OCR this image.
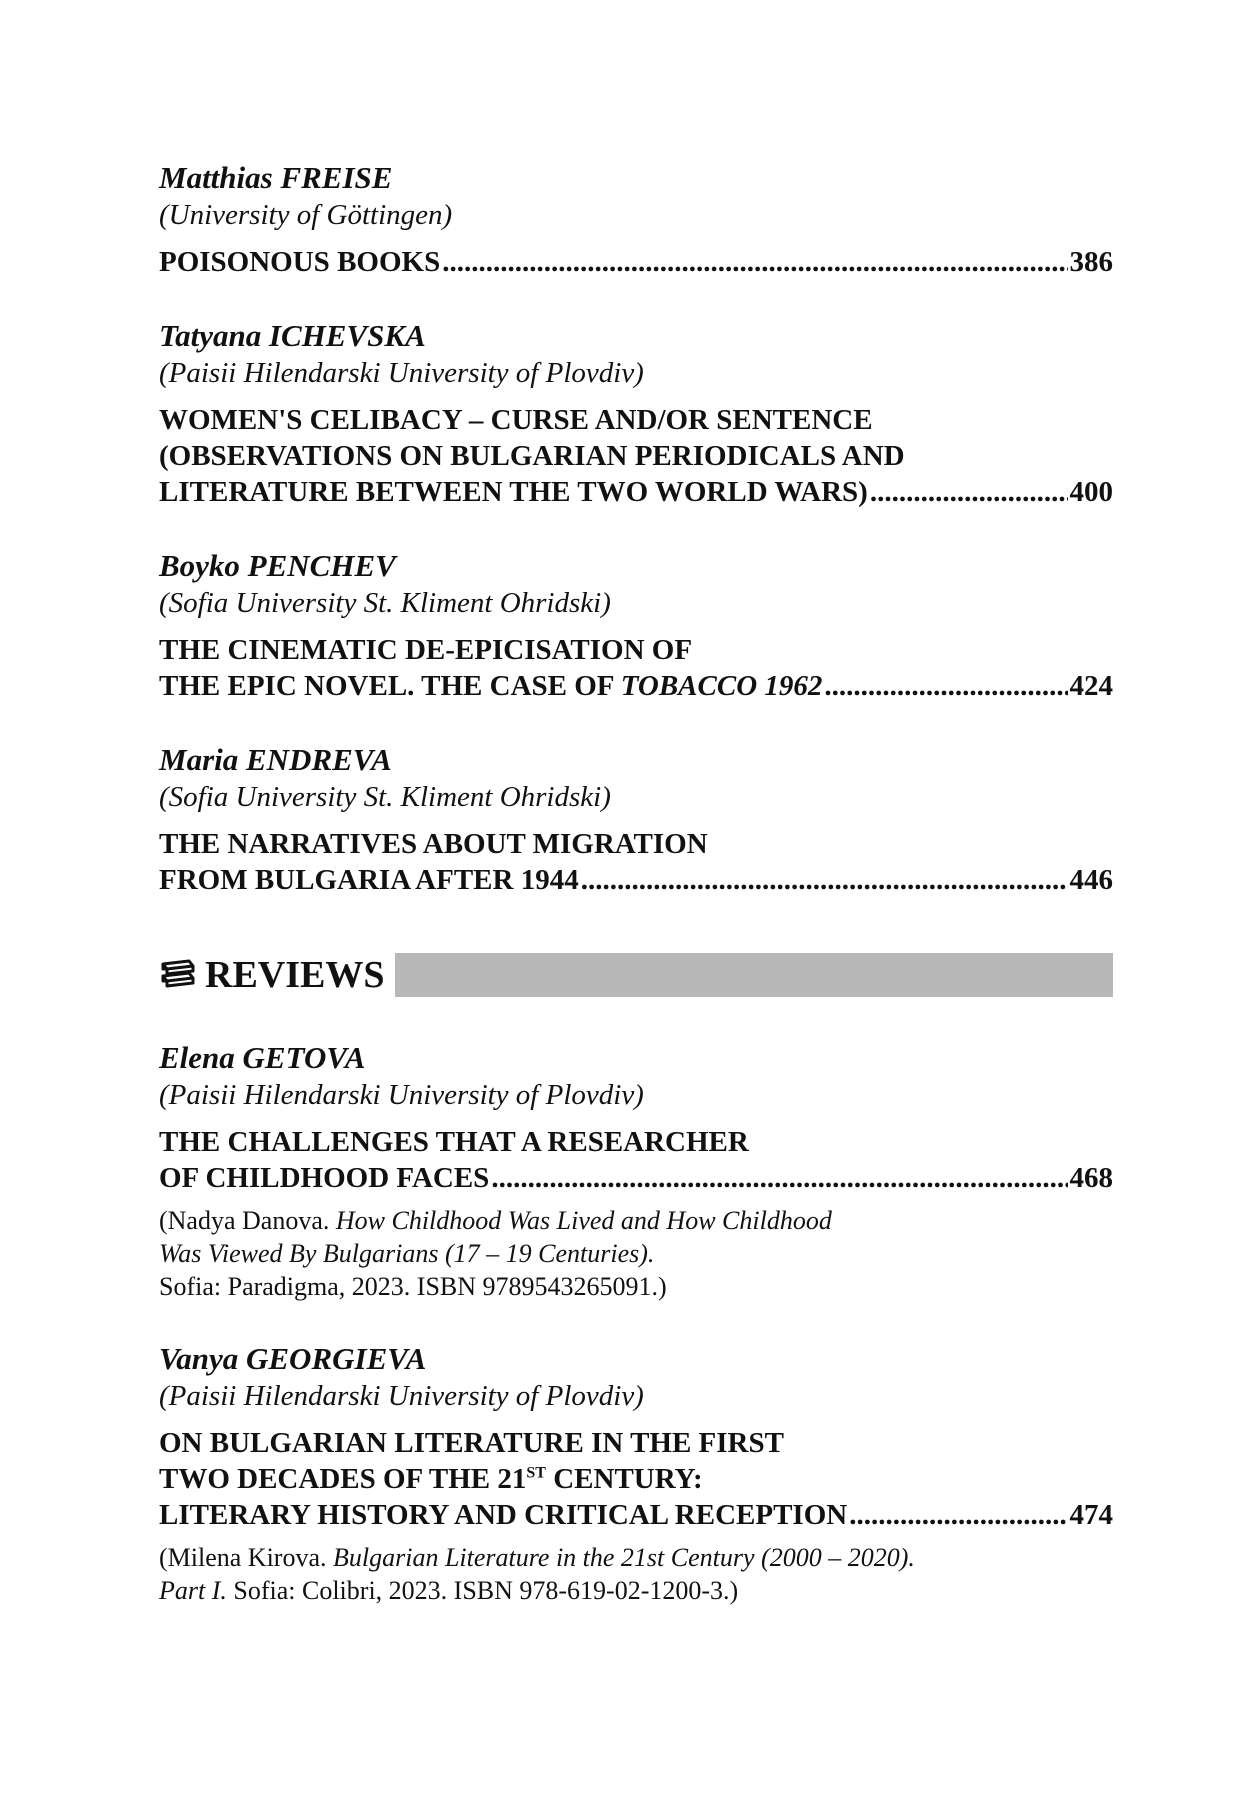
Matthias FREISE

(University of Göttingen)

POISONOUS BOOKS .....	386

Tatyana ICHEVSKA

(Paisii Hilendarski University of Plovdiv)

WOMEN'S CELIBACY – CURSE AND/OR SENTENCE

(OBSERVATIONS ON BULGARIAN PERIODICALS AND

LITERATURE BETWEEN THE TWO WORLD WARS) .....	400

Boyko PENCHEV

(Sofia University St. Kliment Ohridski)

THE CINEMATIC DE-EPICISATION OF

THE EPIC NOVEL. THE CASE OF TOBACCO 1962 .....	424

Maria ENDREVA

(Sofia University St. Kliment Ohridski)

THE NARRATIVES ABOUT MIGRATION

FROM BULGARIA AFTER 1944 .....	446
REVIEWS

Elena GETOVA

(Paisii Hilendarski University of Plovdiv)

THE CHALLENGES THAT A RESEARCHER

OF CHILDHOOD FACES .....	468
(Nadya Danova. How Childhood Was Lived and How Childhood
Was Viewed By Bulgarians (17 – 19 Centuries).
Sofia: Paradigma, 2023. ISBN 9789543265091.)

Vanya GEORGIEVA

(Paisii Hilendarski University of Plovdiv)

ON BULGARIAN LITERATURE IN THE FIRST

TWO DECADES OF THE 21ST CENTURY:

LITERARY HISTORY AND CRITICAL RECEPTION .....	474
(Milena Kirova. Bulgarian Literature in the 21st Century (2000 – 2020).
Part I. Sofia: Colibri, 2023. ISBN 978-619-02-1200-3.)
